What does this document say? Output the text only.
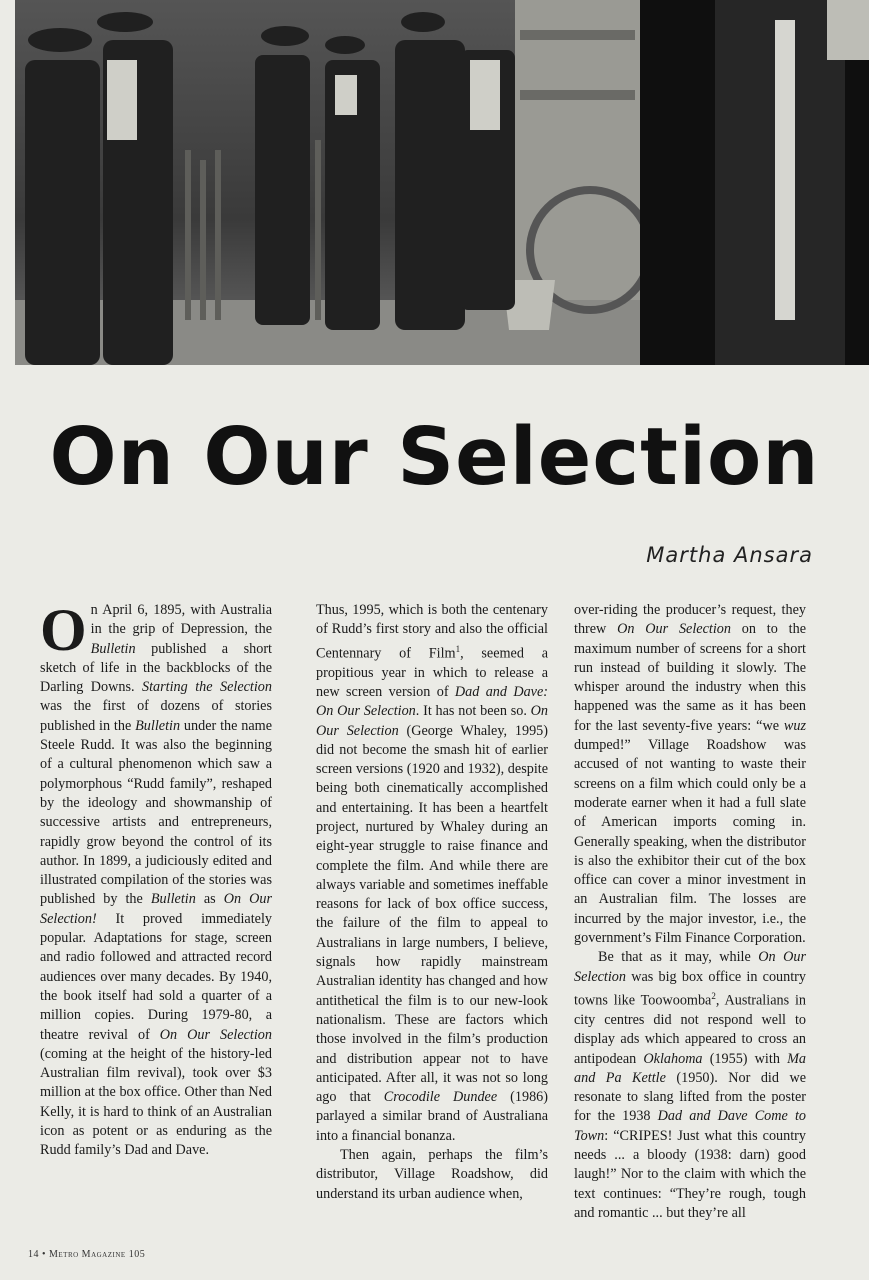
On Our Selection
Martha Ansara

On April 6, 1895, with Australia in the grip of Depression, the Bulletin published a short sketch of life in the backblocks of the Darling Downs. Starting the Selection was the first of dozens of stories published in the Bulletin under the name Steele Rudd. It was also the beginning of a cultural phenomenon which saw a polymorphous “Rudd family”, reshaped by the ideology and showmanship of successive artists and entrepreneurs, rapidly grow beyond the control of its author. In 1899, a judiciously edited and illustrated compilation of the stories was published by the Bulletin as On Our Selection! It proved immediately popular. Adaptations for stage, screen and radio followed and attracted record audiences over many decades. By 1940, the book itself had sold a quarter of a million copies. During 1979-80, a theatre revival of On Our Selection (coming at the height of the history-led Australian film revival), took over $3 million at the box office. Other than Ned Kelly, it is hard to think of an Australian icon as potent or as enduring as the Rudd family’s Dad and Dave.

Thus, 1995, which is both the centenary of Rudd’s first story and also the official Centennary of Film$^1$, seemed a propitious year in which to release a new screen version of Dad and Dave: On Our Selection. It has not been so. On Our Selection (George Whaley, 1995) did not become the smash hit of earlier screen versions (1920 and 1932), despite being both cinematically accomplished and entertaining. It has been a heartfelt project, nurtured by Whaley during an eight-year struggle to raise finance and complete the film. And while there are always variable and sometimes ineffable reasons for lack of box office success, the failure of the film to appeal to Australians in large numbers, I believe, signals how rapidly mainstream Australian identity has changed and how antithetical the film is to our new-look nationalism. These are factors which those involved in the film’s production and distribution appear not to have anticipated. After all, it was not so long ago that Crocodile Dundee (1986) parlayed a similar brand of Australiana into a financial bonanza.

Then again, perhaps the film’s distributor, Village Roadshow, did understand its urban audience when,

over-riding the producer’s request, they threw On Our Selection on to the maximum number of screens for a short run instead of building it slowly. The whisper around the industry when this happened was the same as it has been for the last seventy-five years: “we wuz dumped!” Village Roadshow was accused of not wanting to waste their screens on a film which could only be a moderate earner when it had a full slate of American imports coming in. Generally speaking, when the distributor is also the exhibitor their cut of the box office can cover a minor investment in an Australian film. The losses are incurred by the major investor, i.e., the government’s Film Finance Corporation.

Be that as it may, while On Our Selection was big box office in country towns like Toowoomba$^2$, Australians in city centres did not respond well to display ads which appeared to cross an antipodean Oklahoma (1955) with Ma and Pa Kettle (1950). Nor did we resonate to slang lifted from the poster for the 1938 Dad and Dave Come to Town: “CRIPES! Just what this country needs ... a bloody (1938: darn) good laugh!” Nor to the claim with which the text continues: “They’re rough, tough and romantic ... but they’re all

14 • Metro Magazine 105
